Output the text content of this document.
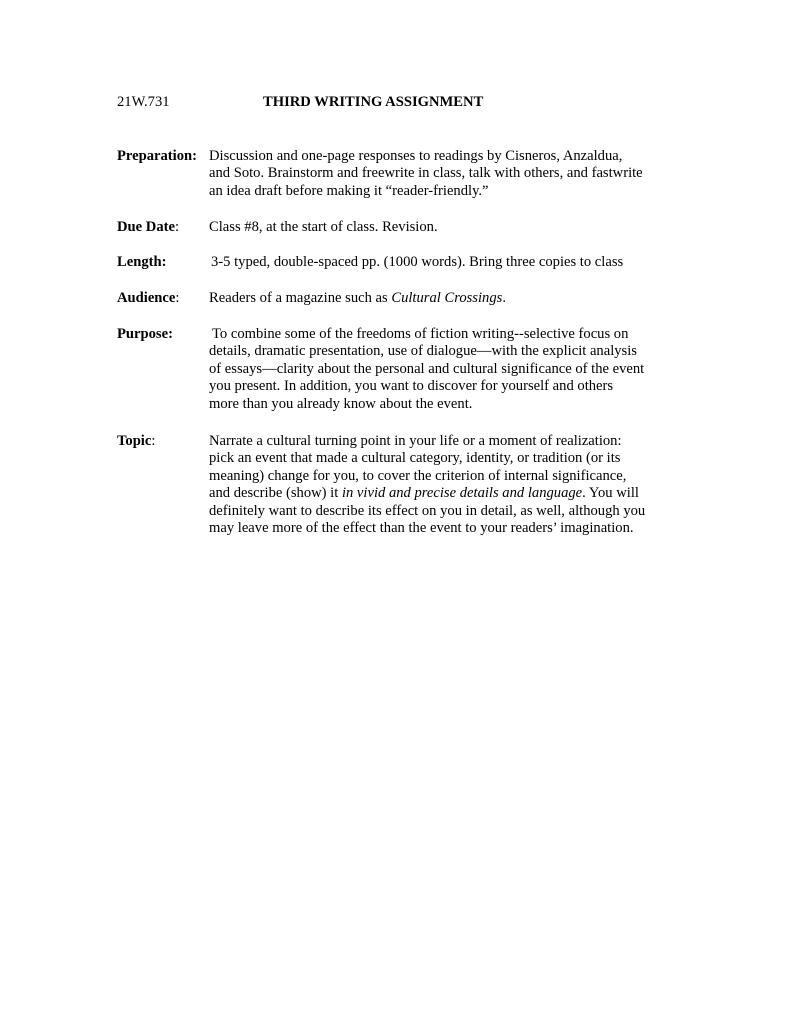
21W.731	THIRD WRITING ASSIGNMENT
Preparation: Discussion and one-page responses to readings by Cisneros, Anzaldua,
and Soto. Brainstorm and freewrite in class, talk with others, and fastwrite
an idea draft before making it “reader-friendly.”
Due Date: Class #8, at the start of class. Revision.
Length:	3-5 typed, double-spaced pp. (1000 words). Bring three copies to class
Audience: Readers of a magazine such as Cultural Crossings.
Purpose:	To combine some of the freedoms of fiction writing--selective focus on
details, dramatic presentation, use of dialogue—with the explicit analysis
of essays—clarity about the personal and cultural significance of the event
you present. In addition, you want to discover for yourself and others
more than you already know about the event.
Topic:	Narrate a cultural turning point in your life or a moment of realization:
pick an event that made a cultural category, identity, or tradition (or its
meaning) change for you, to cover the criterion of internal significance,
and describe (show) it in vivid and precise details and language. You will
definitely want to describe its effect on you in detail, as well, although you
may leave more of the effect than the event to your readers’ imagination.
